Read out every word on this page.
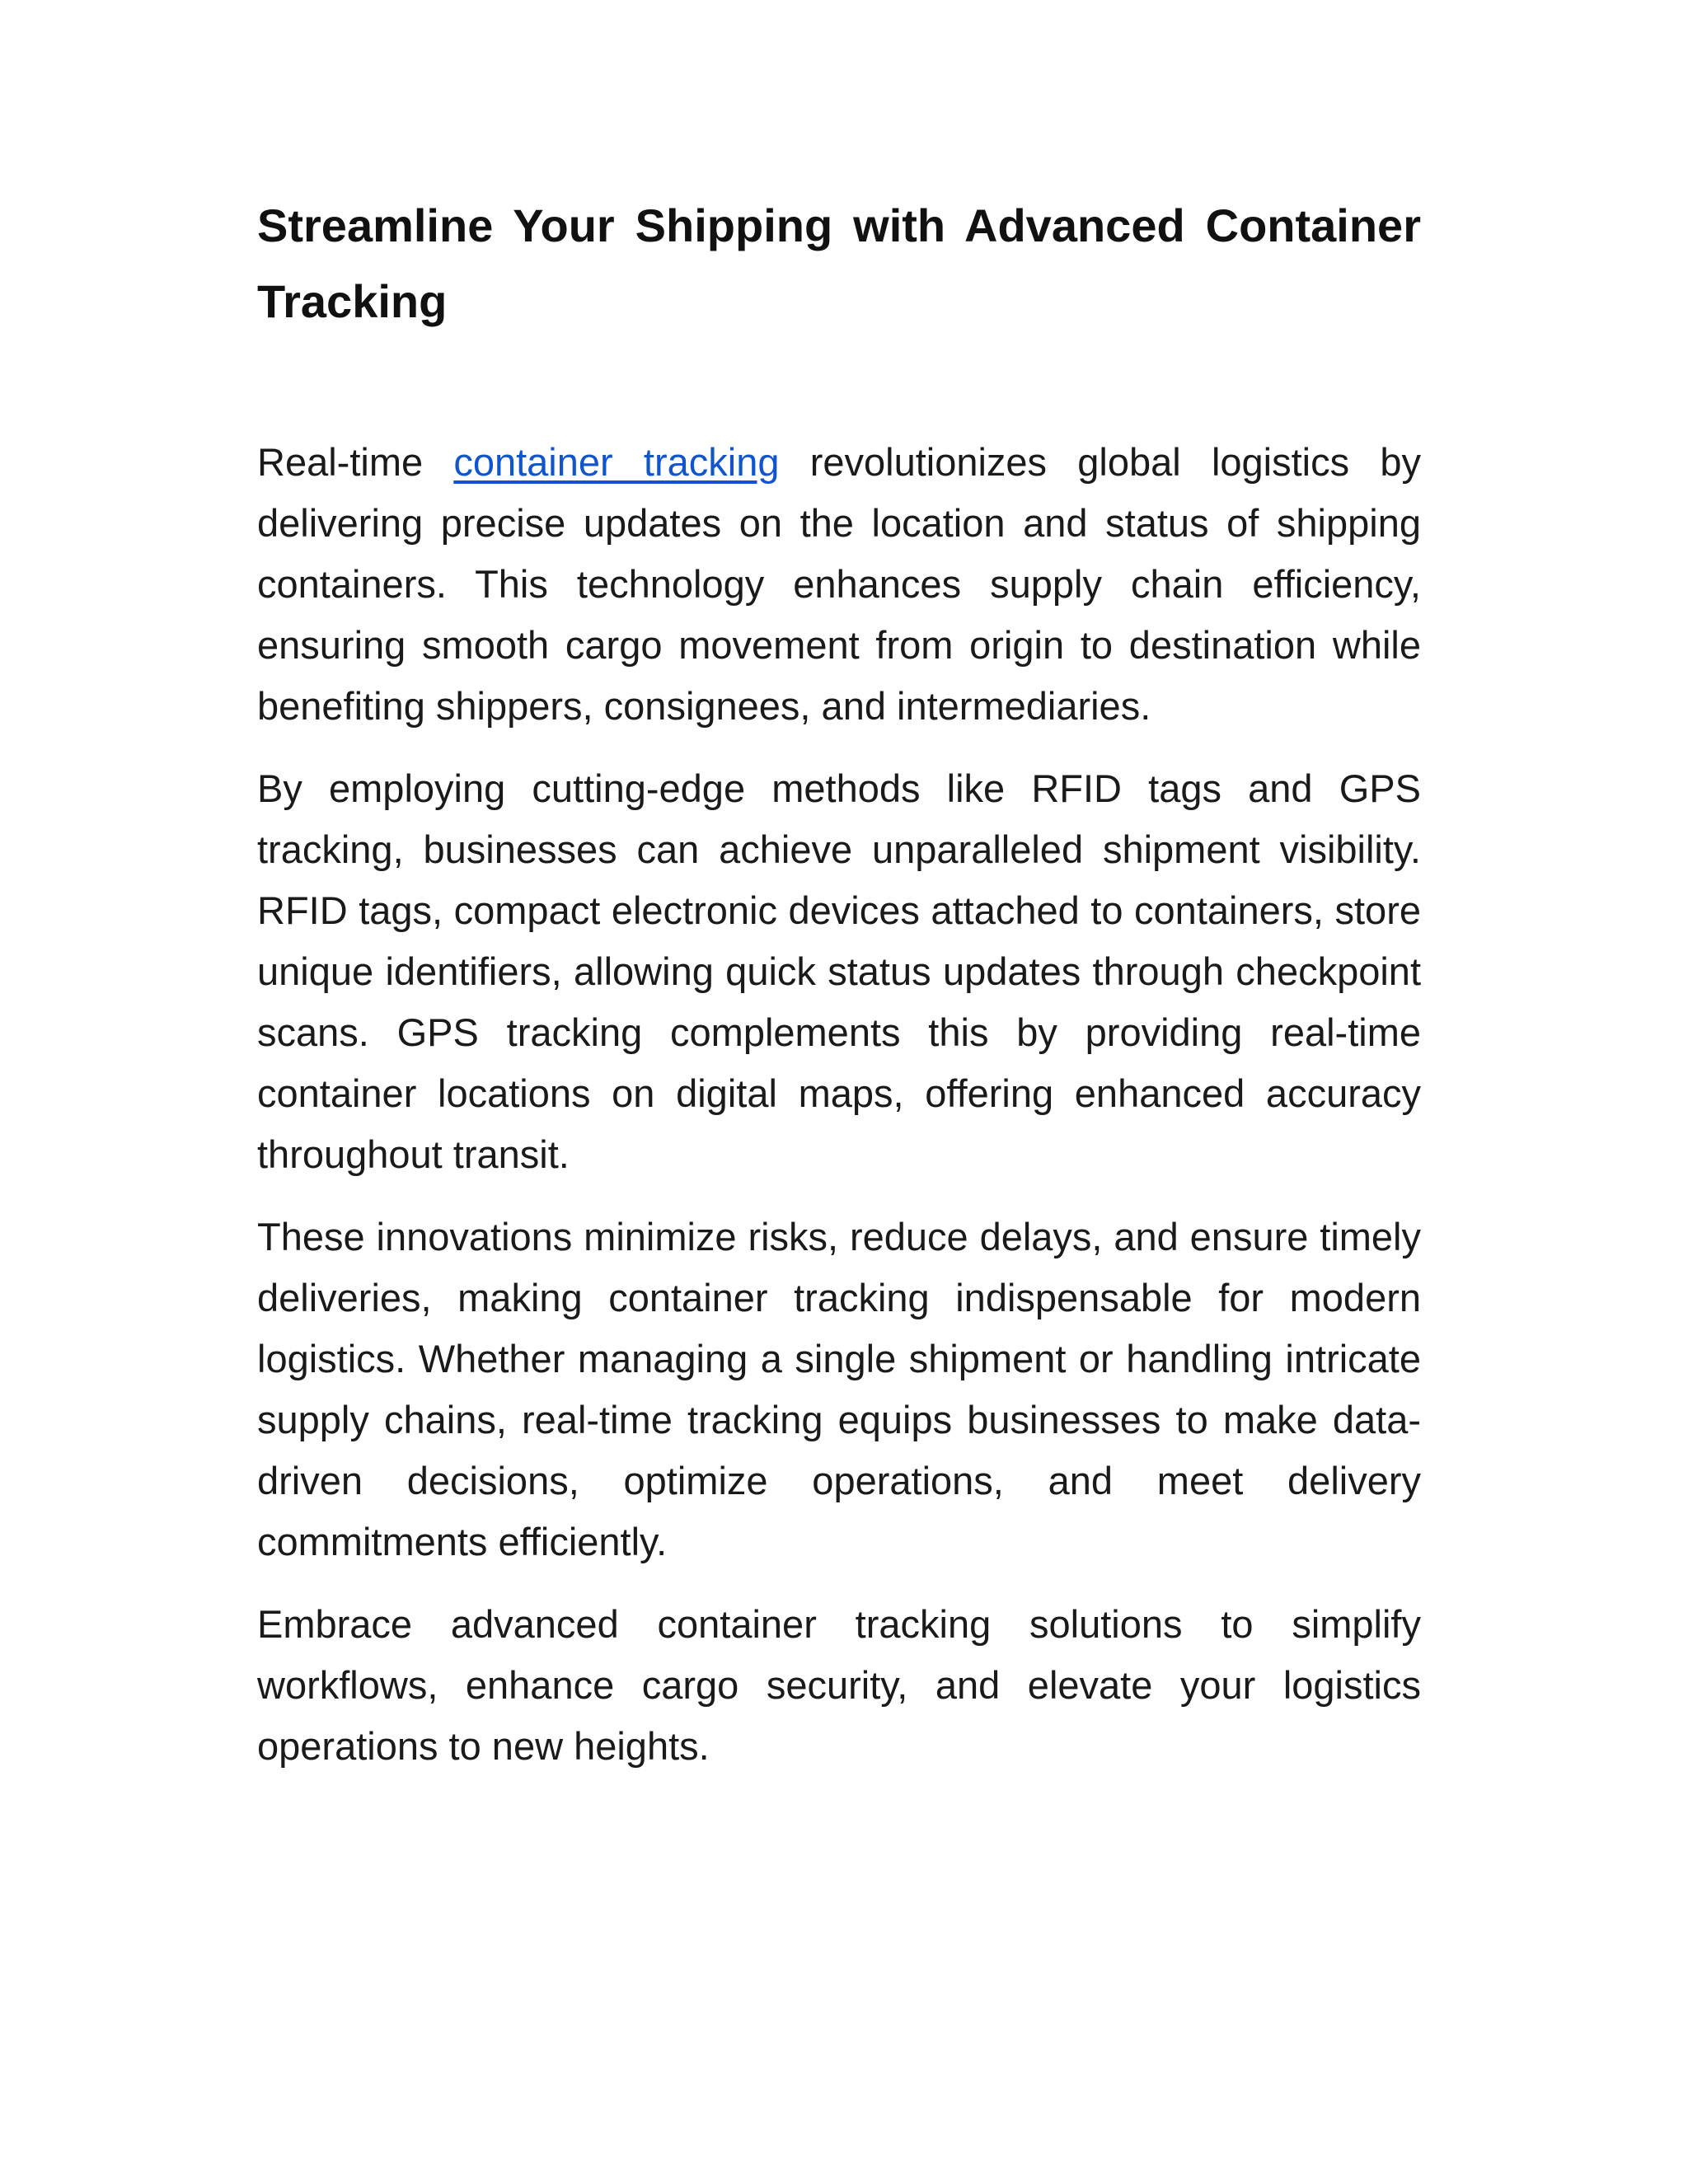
Streamline Your Shipping with Advanced Container Tracking

Real-time container tracking revolutionizes global logistics by delivering precise updates on the location and status of shipping containers. This technology enhances supply chain efficiency, ensuring smooth cargo movement from origin to destination while benefiting shippers, consignees, and intermediaries.

By employing cutting-edge methods like RFID tags and GPS tracking, businesses can achieve unparalleled shipment visibility. RFID tags, compact electronic devices attached to containers, store unique identifiers, allowing quick status updates through checkpoint scans. GPS tracking complements this by providing real-time container locations on digital maps, offering enhanced accuracy throughout transit.

These innovations minimize risks, reduce delays, and ensure timely deliveries, making container tracking indispensable for modern logistics. Whether managing a single shipment or handling intricate supply chains, real-time tracking equips businesses to make data-driven decisions, optimize operations, and meet delivery commitments efficiently.

Embrace advanced container tracking solutions to simplify workflows, enhance cargo security, and elevate your logistics operations to new heights.
